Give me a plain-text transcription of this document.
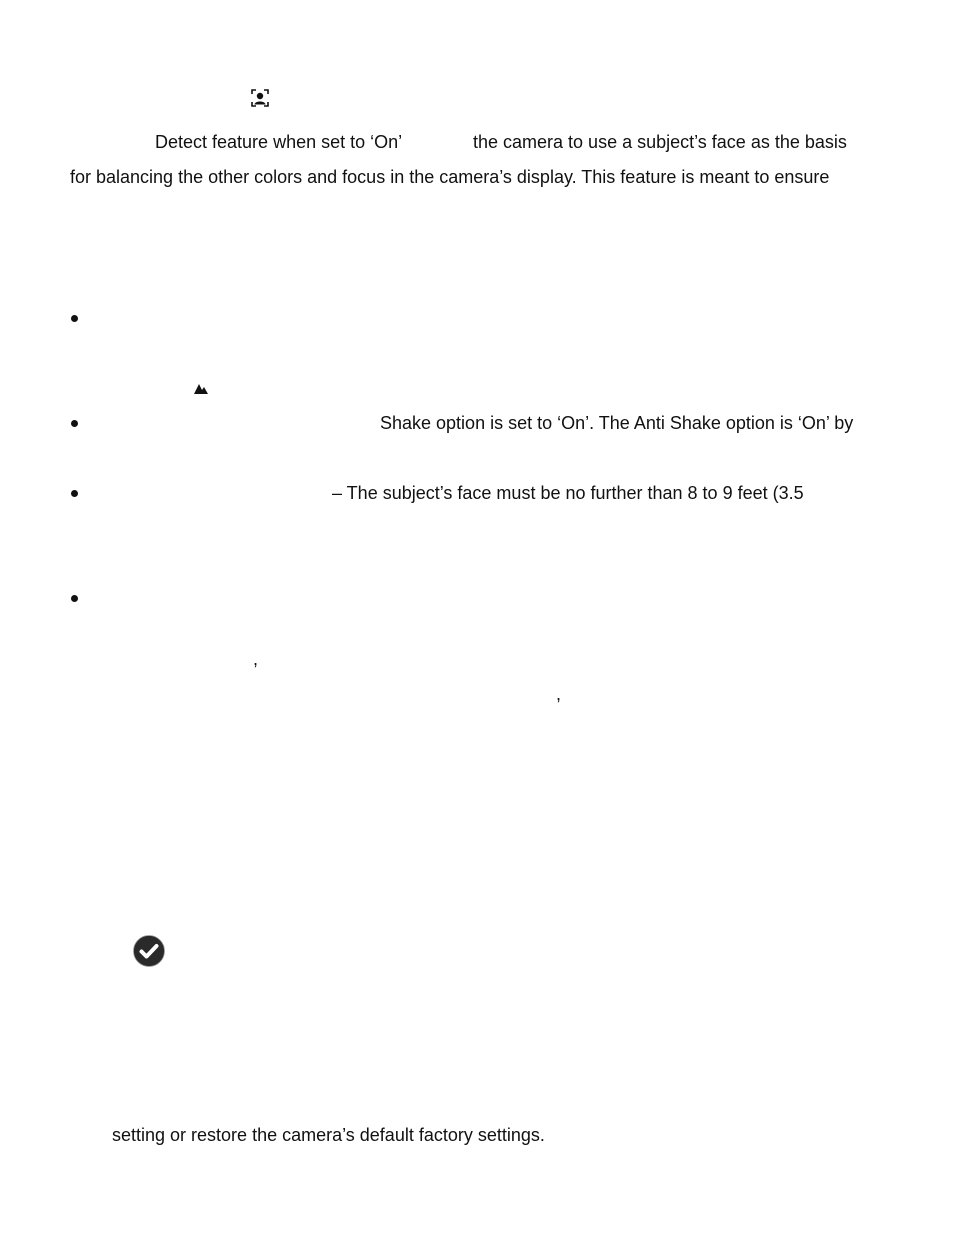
Detect feature when set to ‘On’	the camera to use a subject’s face as the basis
for balancing the other colors and focus in the camera’s display. This feature is meant to ensure
Shake option is set to ‘On’. The Anti Shake option is ‘On’ by
– The subject’s face must be no further than 8 to 9 feet (3.5
,
,
setting or restore the camera’s default factory settings.
